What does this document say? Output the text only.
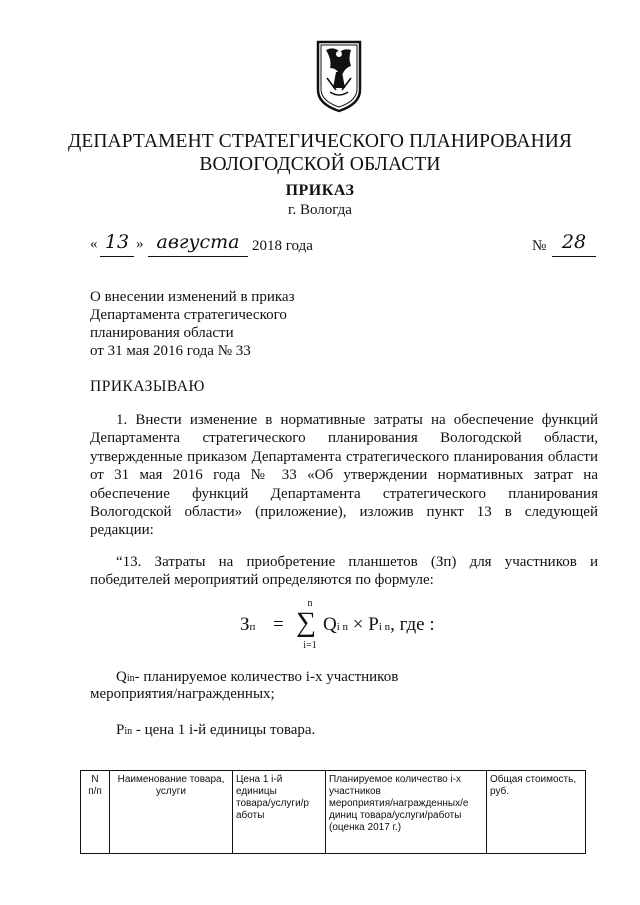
ДЕПАРТАМЕНТ СТРАТЕГИЧЕСКОГО ПЛАНИРОВАНИЯ
ВОЛОГОДСКОЙ ОБЛАСТИ
ПРИКАЗ
г. Вологда
« 13 » августа 2018 года	№ 28
О внесении изменений в приказ
Департамента стратегического
планирования области
от 31 мая 2016 года № 33
ПРИКАЗЫВАЮ

1. Внести изменение в нормативные затраты на обеспечение функций

Департамента стратегического планирования Вологодской области,

утвержденные приказом Департамента стратегического планирования области

от 31 мая 2016 года № 33 «Об утверждении нормативных затрат на

обеспечение функций Департамента стратегического планирования

Вологодской области» (приложение), изложив пункт 13 в следующей

редакции:

“13. Затраты на приобретение планшетов (Зп) для участников и

победителей мероприятий определяются по формуле:

Зп =
n
∑
i=1
Qi n × Pi n, где :
Qin- планируемое количество i-х участников
мероприятия/награжденных;
Pin - цена 1 i-й единицы товара.
N
п/п

Наименование товара,
услуги

Цена 1 i-й
единицы
товара/услуги/р
аботы

Планируемое количество i-х
участников
мероприятия/награжденных/е
диниц товара/услуги/работы
(оценка 2017 г.)

Общая стоимость,
руб.
